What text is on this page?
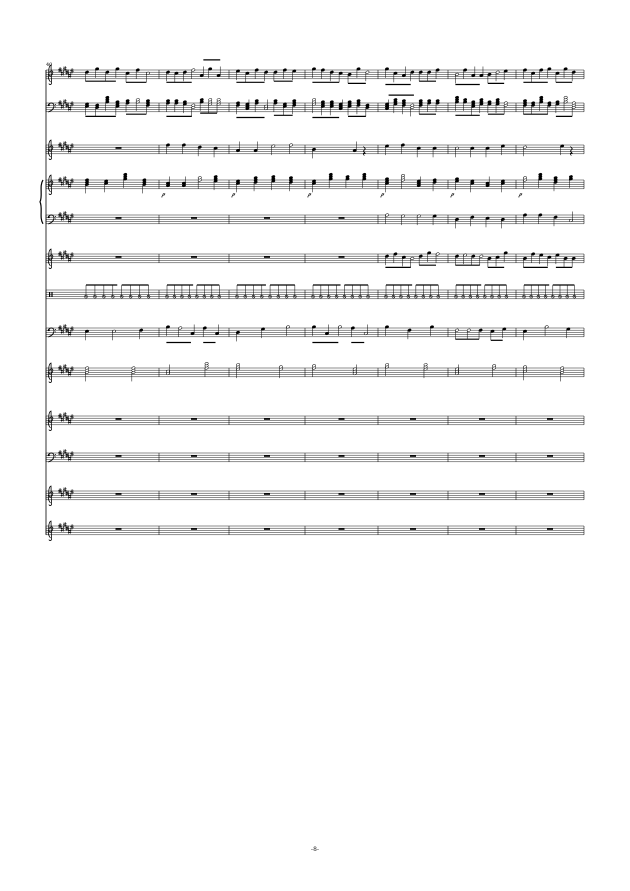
40
𝆏	𝆏	𝆏	𝆏	𝆏	𝆏
-8-
